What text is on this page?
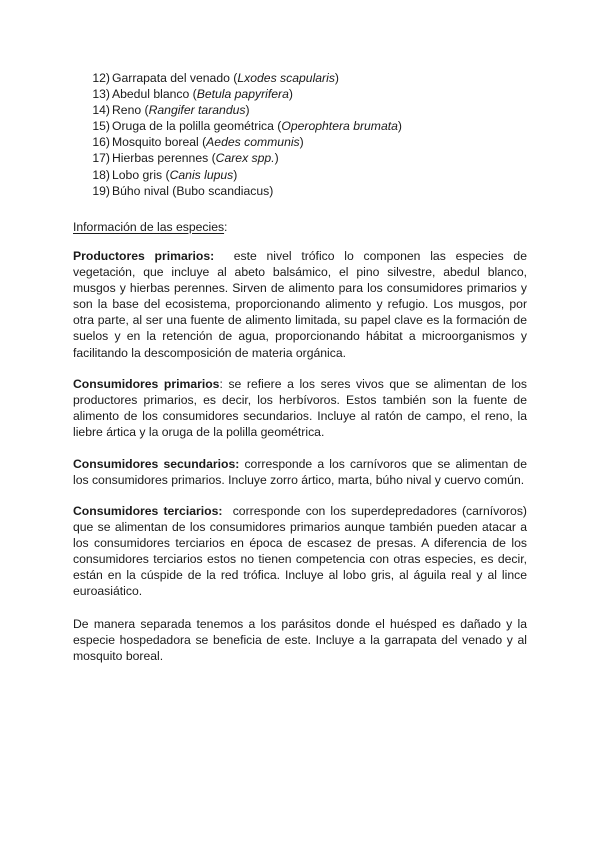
12) Garrapata del venado (Lxodes scapularis)
13) Abedul blanco (Betula papyrifera)
14) Reno (Rangifer tarandus)
15) Oruga de la polilla geométrica (Operophtera brumata)
16) Mosquito boreal (Aedes communis)
17) Hierbas perennes (Carex spp.)
18) Lobo gris (Canis lupus)
19) Búho nival (Bubo scandiacus)
Información de las especies :

Productores primarios: este nivel trófico lo componen las especies de vegetación, que incluye al abeto balsámico, el pino silvestre, abedul blanco, musgos y hierbas perennes. Sirven de alimento para los consumidores primarios y son la base del ecosistema, proporcionando alimento y refugio. Los musgos, por otra parte, al ser una fuente de alimento limitada, su papel clave es la formación de suelos y en la retención de agua, proporcionando hábitat a microorganismos y facilitando la descomposición de materia orgánica.

Consumidores primarios: se refiere a los seres vivos que se alimentan de los productores primarios, es decir, los herbívoros. Estos también son la fuente de alimento de los consumidores secundarios. Incluye al ratón de campo, el reno, la liebre ártica y la oruga de la polilla geométrica.

Consumidores secundarios: corresponde a los carnívoros que se alimentan de los consumidores primarios. Incluye zorro ártico, marta, búho nival y cuervo común.

Consumidores terciarios: corresponde con los superdepredadores (carnívoros) que se alimentan de los consumidores primarios aunque también pueden atacar a los consumidores terciarios en época de escasez de presas. A diferencia de los consumidores terciarios estos no tienen competencia con otras especies, es decir, están en la cúspide de la red trófica. Incluye al lobo gris, al águila real y al lince euroasiático.

De manera separada tenemos a los parásitos donde el huésped es dañado y la especie hospedadora se beneficia de este. Incluye a la garrapata del venado y al mosquito boreal.
